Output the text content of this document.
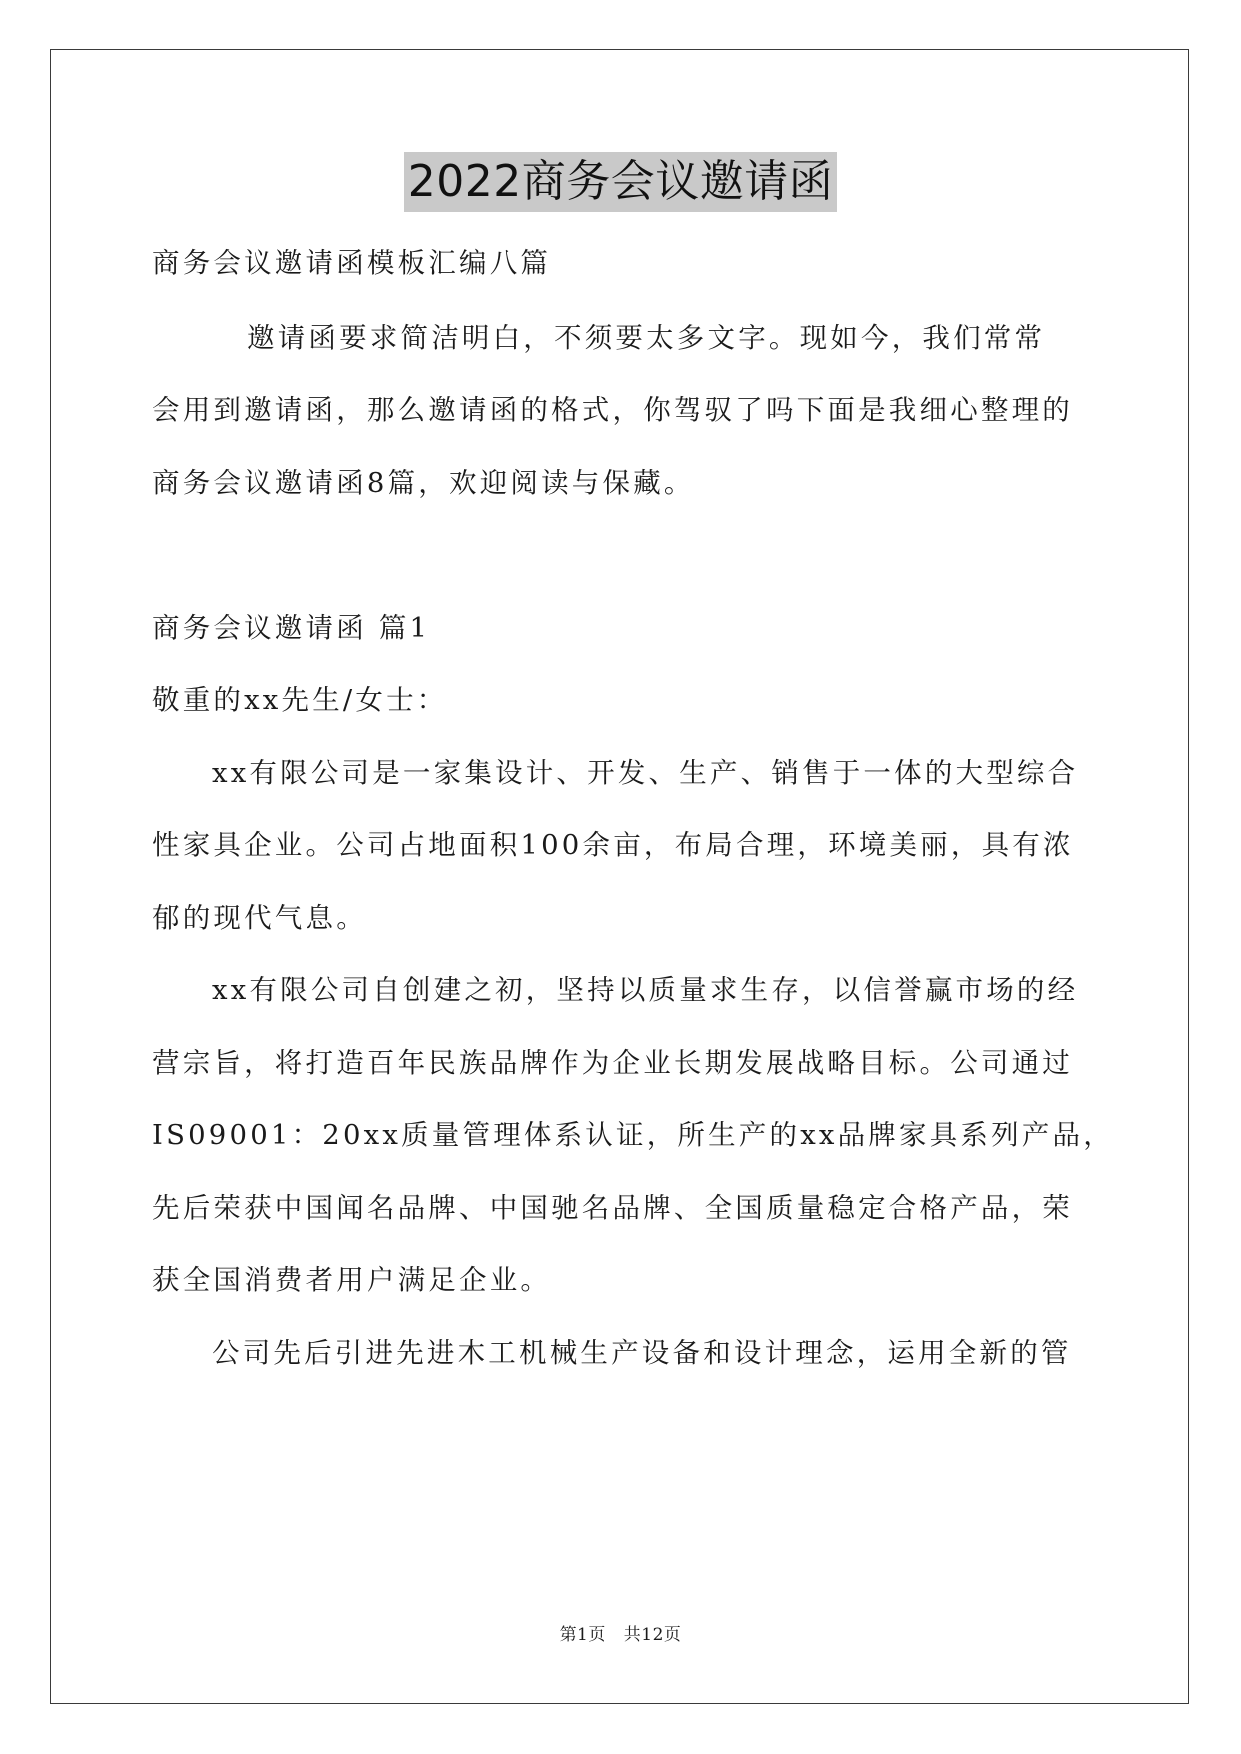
2022商务会议邀请函
商务会议邀请函模板汇编八篇
邀请函要求简洁明白，不须要太多文字。现如今，我们常常
会用到邀请函，那么邀请函的格式，你驾驭了吗下面是我细心整理的
商务会议邀请函8篇，欢迎阅读与保藏。
商务会议邀请函 篇1
敬重的xx先生/女士：
xx有限公司是一家集设计、开发、生产、销售于一体的大型综合
性家具企业。公司占地面积100余亩，布局合理，环境美丽，具有浓
郁的现代气息。
xx有限公司自创建之初，坚持以质量求生存，以信誉赢市场的经
营宗旨，将打造百年民族品牌作为企业长期发展战略目标。公司通过
IS09001：20xx质量管理体系认证，所生产的xx品牌家具系列产品，
先后荣获中国闻名品牌、中国驰名品牌、全国质量稳定合格产品，荣
获全国消费者用户满足企业。
公司先后引进先进木工机械生产设备和设计理念，运用全新的管
第1页 共12页
